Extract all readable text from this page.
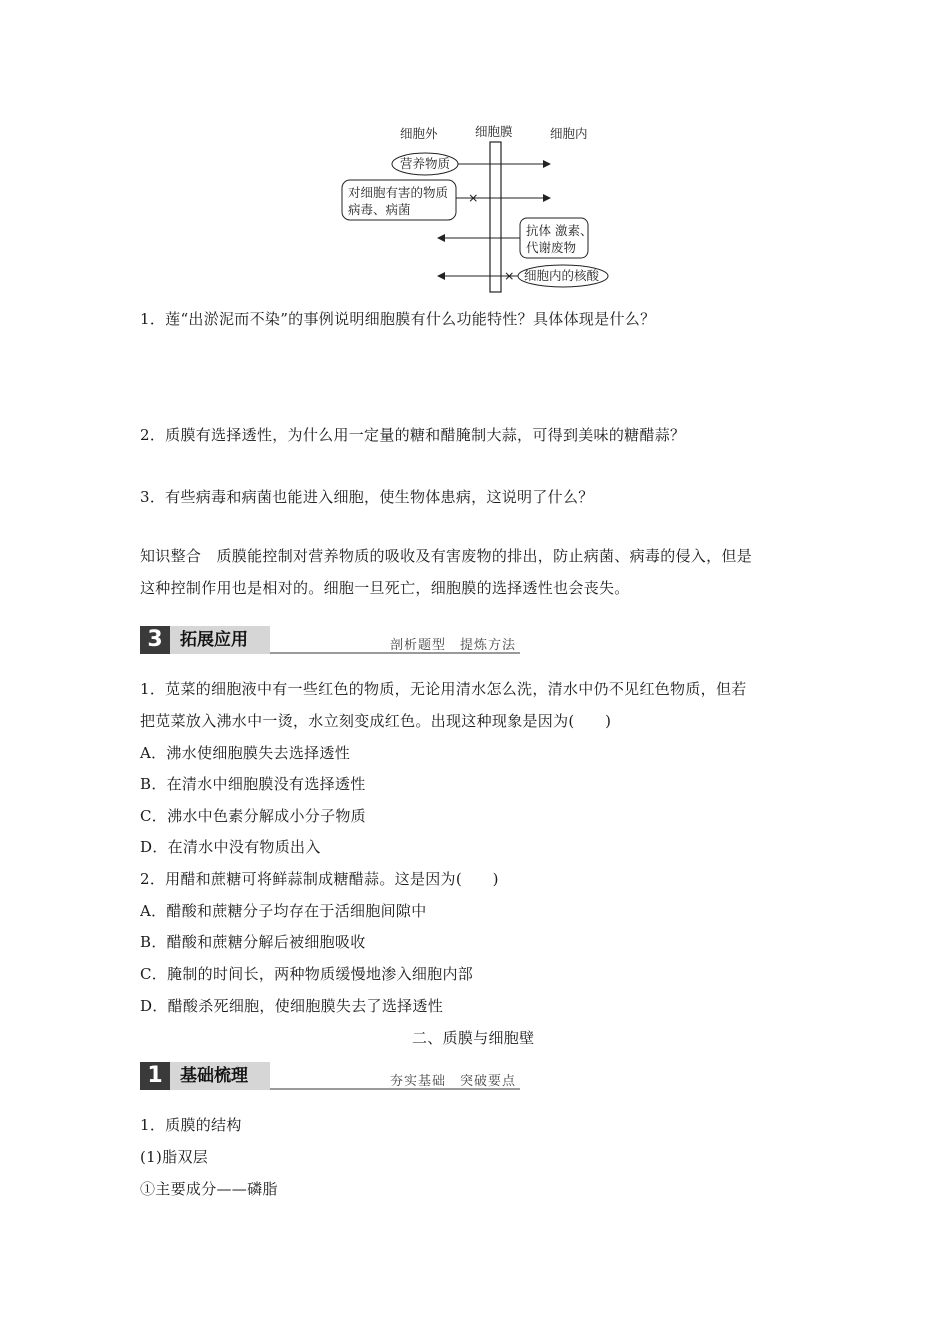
细胞外	细胞膜	细胞内
营养物质
×
对细胞有害的物质
病毒、病菌
抗体 激素、
代谢废物
× 细胞内的核酸
1．莲“出淤泥而不染”的事例说明细胞膜有什么功能特性？具体体现是什么？
2．质膜有选择透性，为什么用一定量的糖和醋腌制大蒜，可得到美味的糖醋蒜？
3．有些病毒和病菌也能进入细胞，使生物体患病，这说明了什么？
知识整合　质膜能控制对营养物质的吸收及有害废物的排出，防止病菌、病毒的侵入，但是
这种控制作用也是相对的。细胞一旦死亡，细胞膜的选择透性也会丧失。
3	拓展应用	剖析题型　提炼方法
1．苋菜的细胞液中有一些红色的物质，无论用清水怎么洗，清水中仍不见红色物质，但若
把苋菜放入沸水中一烫，水立刻变成红色。出现这种现象是因为(　　)
A．沸水使细胞膜失去选择透性
B．在清水中细胞膜没有选择透性
C．沸水中色素分解成小分子物质
D．在清水中没有物质出入
2．用醋和蔗糖可将鲜蒜制成糖醋蒜。这是因为(　　)
A．醋酸和蔗糖分子均存在于活细胞间隙中
B．醋酸和蔗糖分解后被细胞吸收
C．腌制的时间长，两种物质缓慢地渗入细胞内部
D．醋酸杀死细胞，使细胞膜失去了选择透性
二、质膜与细胞壁
1	基础梳理	夯实基础　突破要点
1．质膜的结构
(1)脂双层
①主要成分——磷脂
